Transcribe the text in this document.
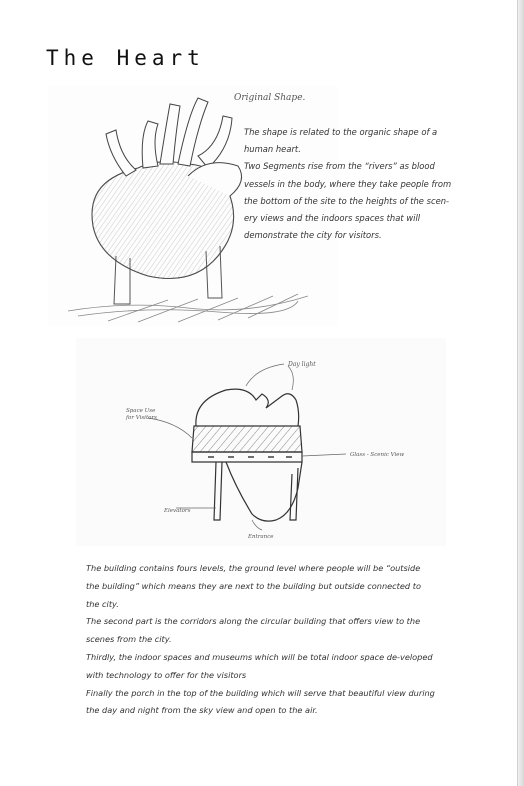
The Heart
Original Shape.

The shape is related to the organic shape of a human heart.

Two Segments rise from the “rivers” as blood vessels in the body, where they take people from the bottom of the site to the heights of the scen-ery views and the indoors spaces that will demonstrate the city for visitors.

Day light
Space Use for Visitors
Glass - Scenic View
Elevators
Entrance

The building contains fours levels, the ground level where people will be “outside the building” which means they are next to the building but outside connected to the city.

The second part is the corridors along the circular building that offers view to the scenes from the city.

Thirdly, the indoor spaces and museums which will be total indoor space de-veloped with technology to offer for the visitors

Finally the porch in the top of the building which will serve that beautiful view during the day and night from the sky view and open to the air.
